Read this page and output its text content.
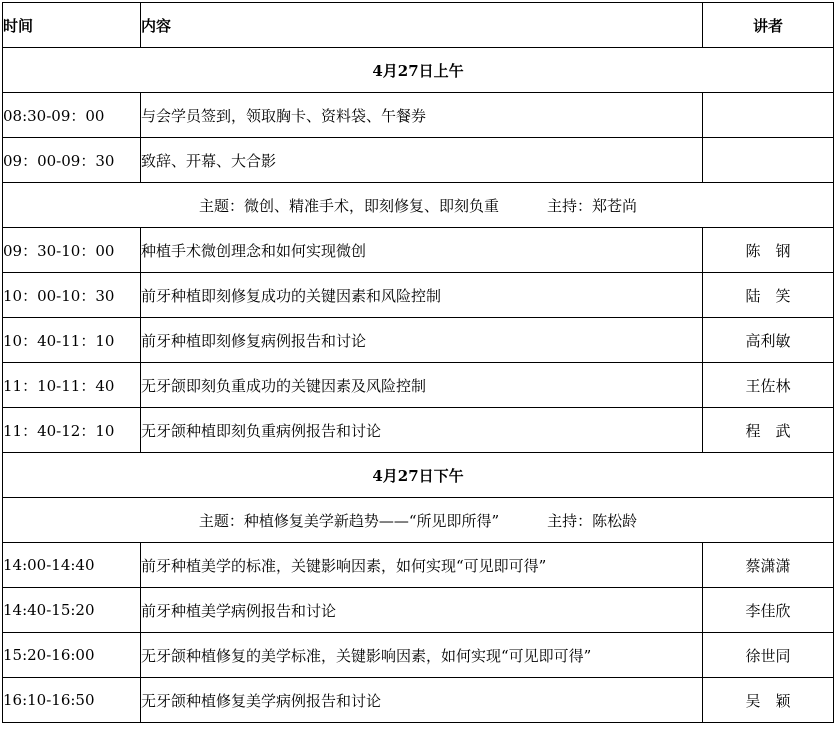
时间	内容	讲者
4月27日上午		
08:30-09：00	与会学员签到，领取胸卡、资料袋、午餐券	
09：00-09：30	致辞、开幕、大合影	
主题：微创、精准手术，即刻修复、即刻负重 主持：郑苍尚		
09：30-10：00	种植手术微创理念和如何实现微创	陈钢
10：00-10：30	前牙种植即刻修复成功的关键因素和风险控制	陆笑
10：40-11：10	前牙种植即刻修复病例报告和讨论	高利敏
11：10-11：40	无牙颌即刻负重成功的关键因素及风险控制	王佐林
11：40-12：10	无牙颌种植即刻负重病例报告和讨论	程武
4月27日下午		
主题：种植修复美学新趋势——“所见即所得” 主持：陈松龄		
14:00-14:40	前牙种植美学的标准，关键影响因素，如何实现“可见即可得”	蔡潇潇
14:40-15:20	前牙种植美学病例报告和讨论	李佳欣
15:20-16:00	无牙颌种植修复的美学标准，关键影响因素，如何实现“可见即可得”	徐世同
16:10-16:50	无牙颌种植修复美学病例报告和讨论	吴颖
